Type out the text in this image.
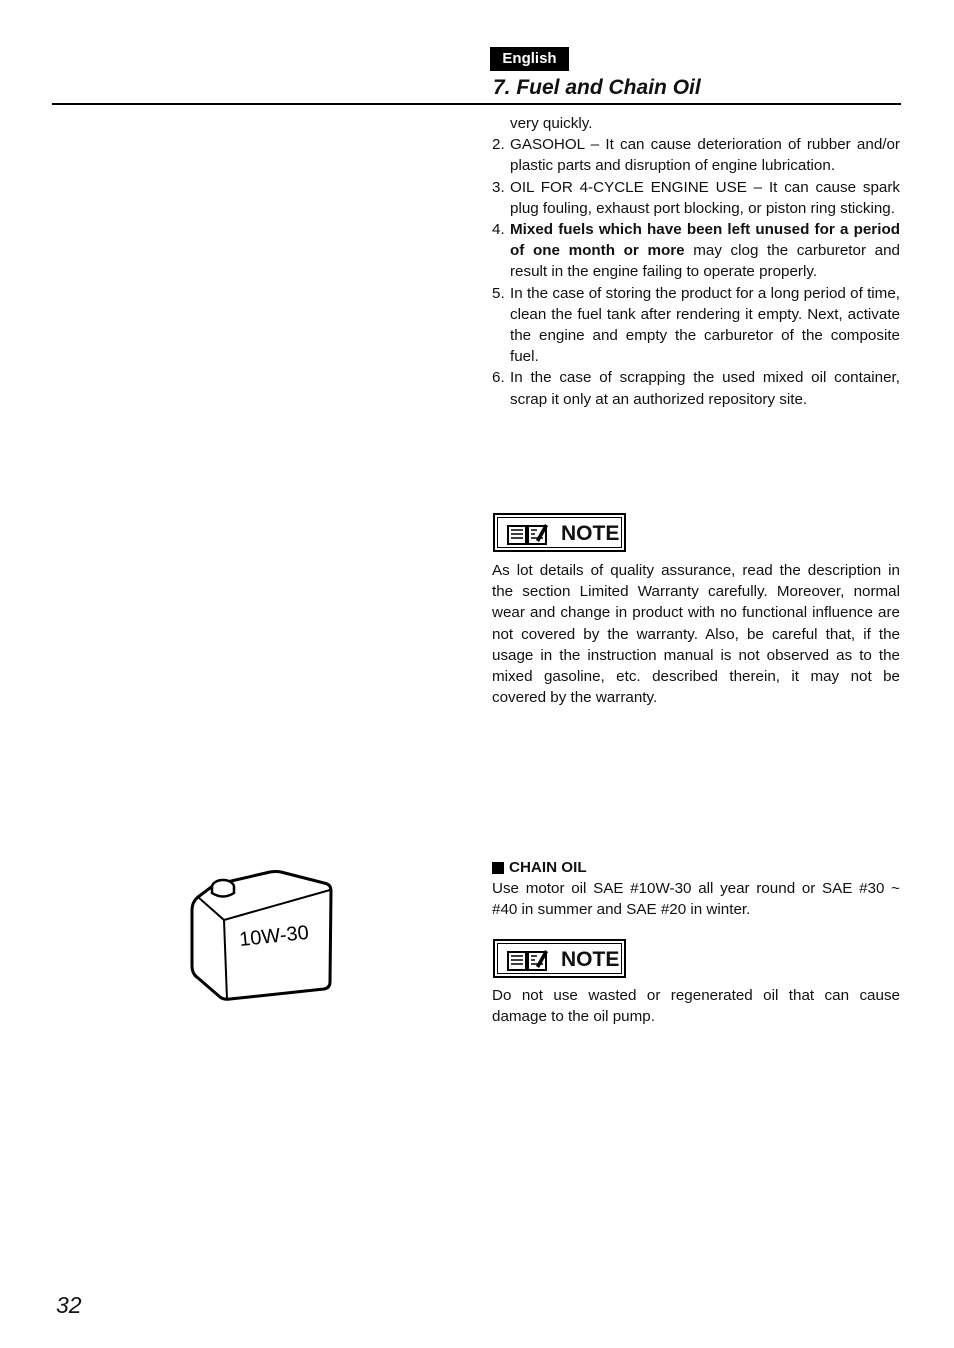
English
7. Fuel and Chain Oil

very quickly.

2. GASOHOL – It can cause deterioration of rubber and/or plastic parts and disruption of engine lubrication.
3. OIL FOR 4-CYCLE ENGINE USE – It can cause spark plug fouling, exhaust port blocking, or piston ring sticking.
4. Mixed fuels which have been left unused for a period of one month or more may clog the carburetor and result in the engine failing to operate properly.
5. In the case of storing the product for a long period of time, clean the fuel tank after rendering it empty. Next, activate the engine and empty the carburetor of the composite fuel.
6. In the case of scrapping the used mixed oil container, scrap it only at an authorized repository site.
NOTE

As lot details of quality assurance, read the description in the section Limited Warranty carefully. Moreover, normal wear and change in product with no functional influence are not covered by the warranty. Also, be careful that, if the usage in the instruction manual is not observed as to the mixed gasoline, etc. described therein, it may not be covered by the warranty.

CHAIN OIL

Use motor oil SAE #10W-30 all year round or SAE #30 ~ #40 in summer and SAE #20 in winter.

NOTE

Do not use wasted or regenerated oil that can cause damage to the oil pump.

10W-30
32
